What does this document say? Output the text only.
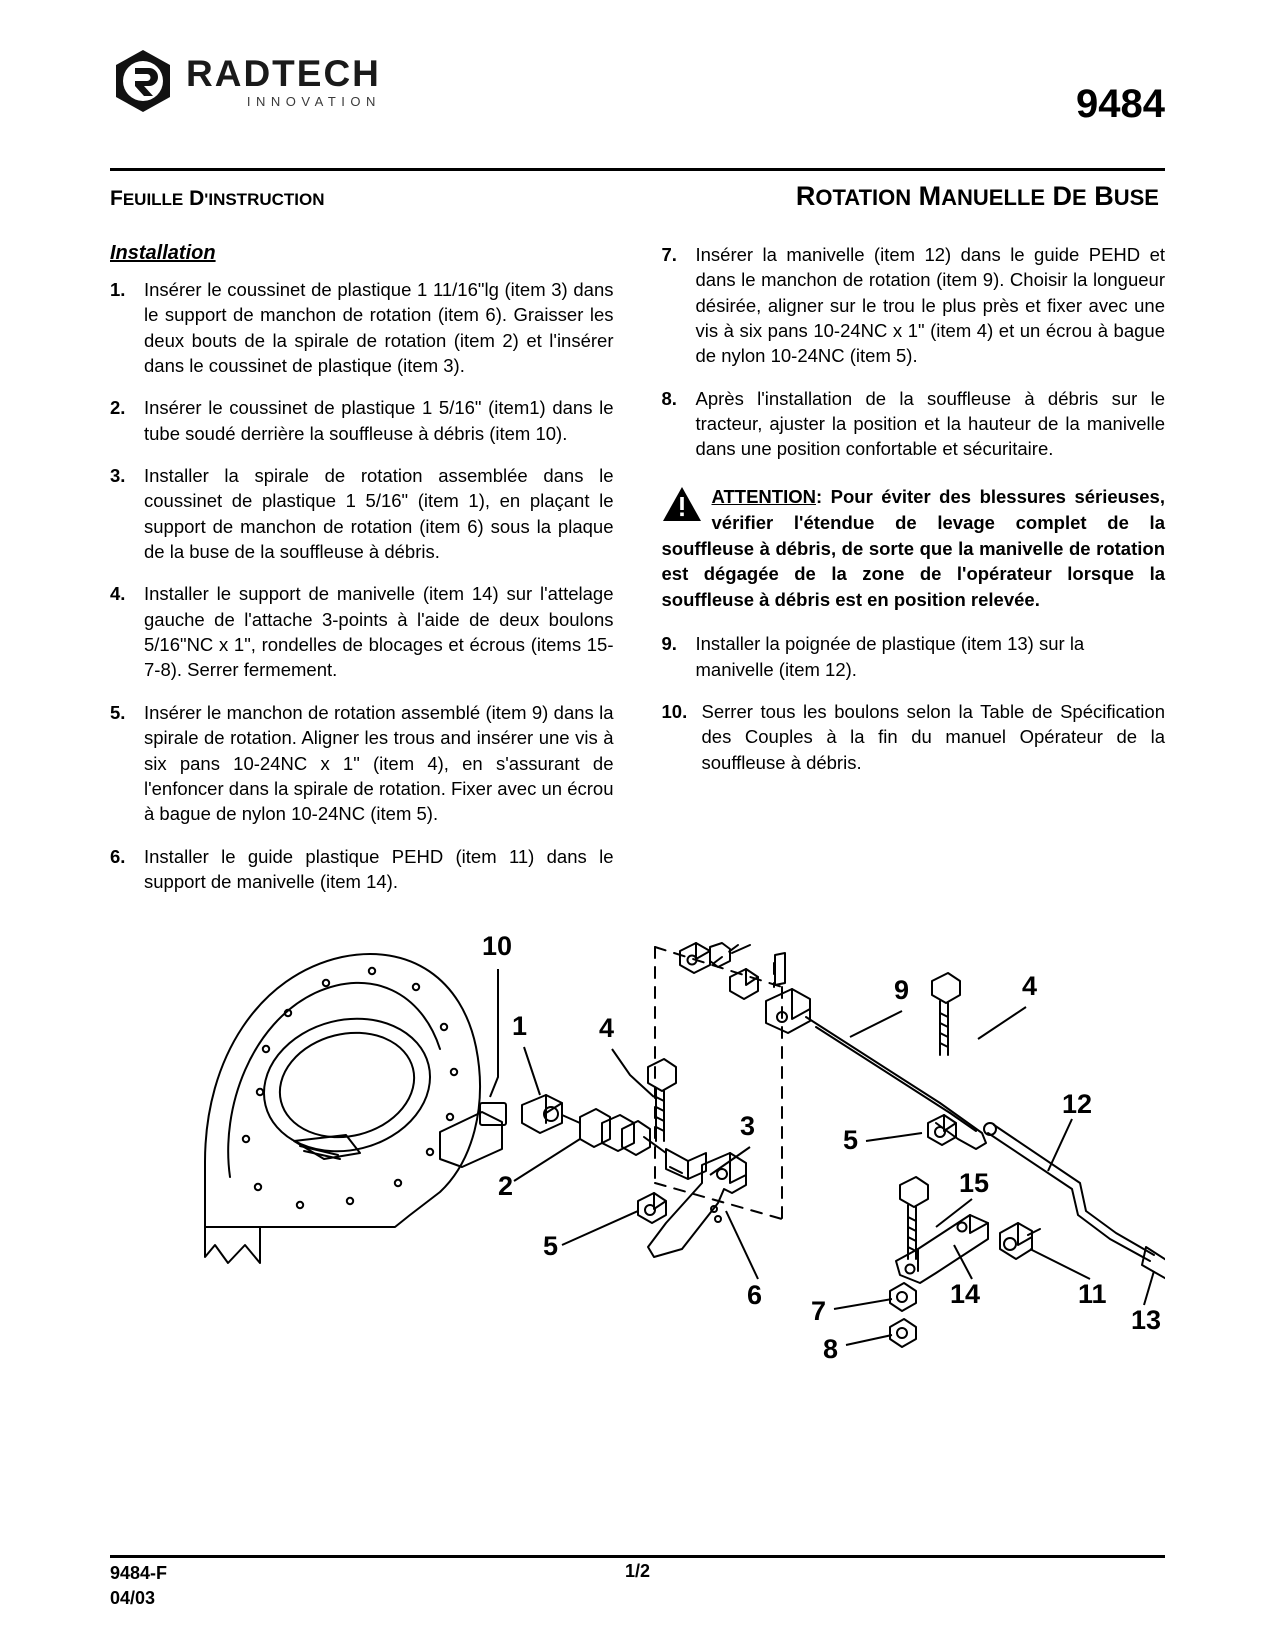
RADTECH
INNOVATION	9484
FEUILLE D'INSTRUCTION	ROTATION MANUELLE DE BUSE
Installation
1.	Insérer le coussinet de plastique 1 11/16"lg (item 3) dans le support de manchon de rotation (item 6). Graisser les deux bouts de la spirale de rotation (item 2) et l'insérer dans le coussinet de plastique (item 3).
2.	Insérer le coussinet de plastique 1 5/16" (item1) dans le tube soudé derrière la souffleuse à débris (item 10).
3.	Installer la spirale de rotation assemblée dans le coussinet de plastique 1 5/16" (item 1), en plaçant le support de manchon de rotation (item 6) sous la plaque de la buse de la souffleuse à débris.
4.	Installer le support de manivelle (item 14) sur l'attelage gauche de l'attache 3-points à l'aide de deux boulons 5/16"NC x 1", rondelles de blocages et écrous (items 15-7-8). Serrer fermement.
5.	Insérer le manchon de rotation assemblé (item 9) dans la spirale de rotation. Aligner les trous and insérer une vis à six pans 10-24NC x 1" (item 4), en s'assurant de l'enfoncer dans la spirale de rotation. Fixer avec un écrou à bague de nylon 10-24NC (item 5).
6.	Installer le guide plastique PEHD (item 11) dans le support de manivelle (item 14).
7.	Insérer la manivelle (item 12) dans le guide PEHD et dans le manchon de rotation (item 9). Choisir la longueur désirée, aligner sur le trou le plus près et fixer avec une vis à six pans 10-24NC x 1" (item 4) et un écrou à bague de nylon 10-24NC (item 5).
8.	Après l'installation de la souffleuse à débris sur le tracteur, ajuster la position et la hauteur de la manivelle dans une position confortable et sécuritaire.
ATTENTION: Pour éviter des blessures sérieuses, vérifier l'étendue de levage complet de la souffleuse à débris, de sorte que la manivelle de rotation est dégagée de la zone de l'opérateur lorsque la souffleuse à débris est en position relevée.
9.	Installer la poignée de plastique (item 13) sur la manivelle (item 12).
10. Serrer tous les boulons selon la Table de Spécification des Couples à la fin du manuel Opérateur de la souffleuse à débris.
10
1	4
9	4
12
3	5
2	15
5
6	14	11
7	13
8
9484-F
04/03
1/2
